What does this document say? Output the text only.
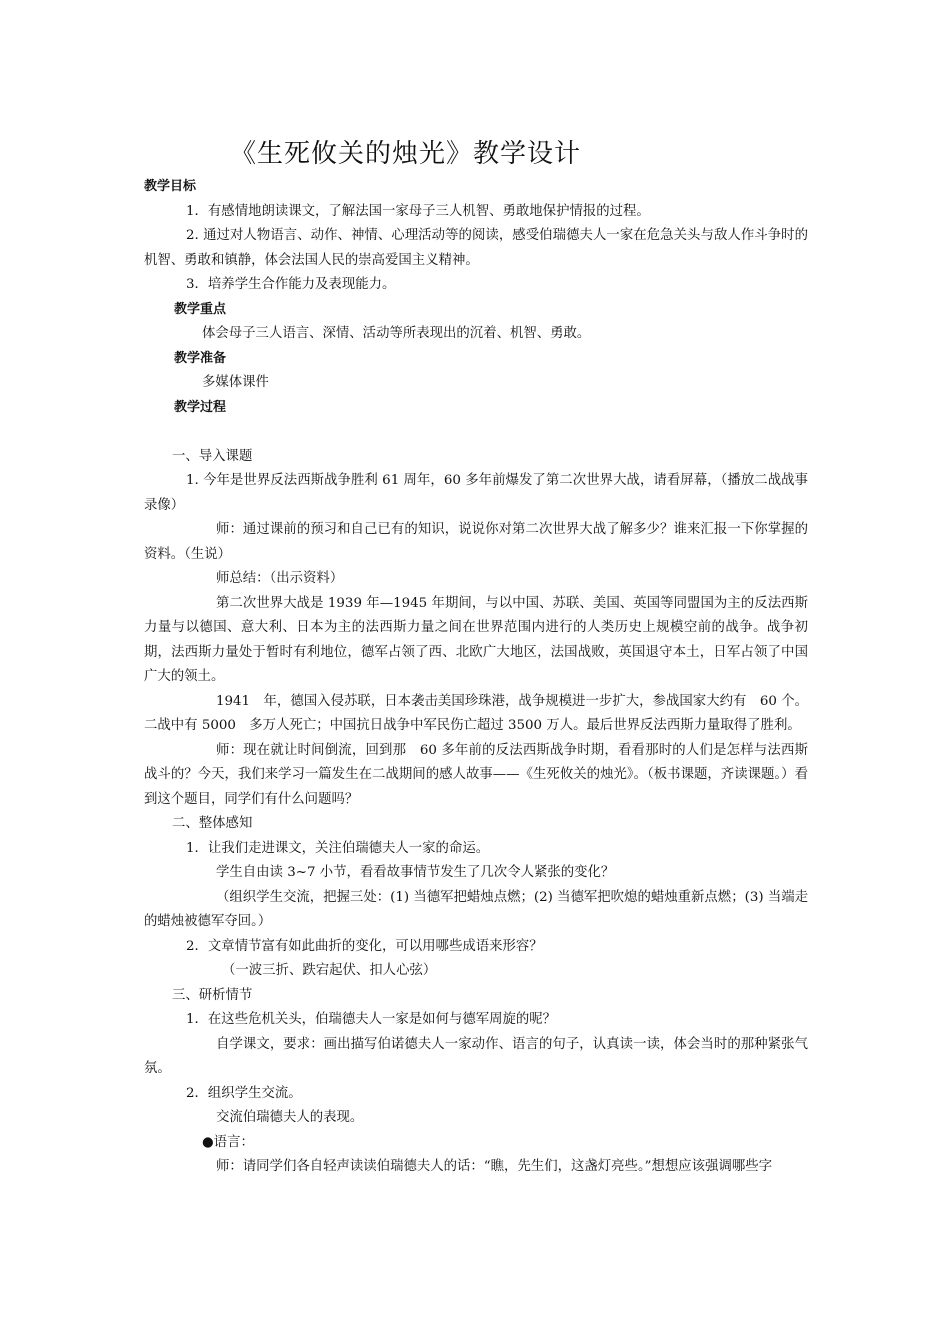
《生死攸关的烛光》教学设计
教学目标
1．有感情地朗读课文，了解法国一家母子三人机智、勇敢地保护情报的过程。
2. 通过对人物语言、动作、神情、心理活动等的阅读，感受伯瑞德夫人一家在危急关头与敌人作斗争时的机智、勇敢和镇静，体会法国人民的崇高爱国主义精神。
3．培养学生合作能力及表现能力。
教学重点
体会母子三人语言、深情、活动等所表现出的沉着、机智、勇敢。
教学准备
多媒体课件
教学过程
一、导入课题
1. 今年是世界反法西斯战争胜利 61 周年，60 多年前爆发了第二次世界大战，请看屏幕，（播放二战战事录像）
师：通过课前的预习和自己已有的知识，说说你对第二次世界大战了解多少？谁来汇报一下你掌握的资料。（生说）
师总结：（出示资料）
第二次世界大战是 1939 年—1945 年期间，与以中国、苏联、美国、英国等同盟国为主的反法西斯力量与以德国、意大利、日本为主的法西斯力量之间在世界范围内进行的人类历史上规模空前的战争。战争初期，法西斯力量处于暂时有利地位，德军占领了西、北欧广大地区，法国战败，英国退守本土，日军占领了中国广大的领土。
1941　年，德国入侵苏联，日本袭击美国珍珠港，战争规模进一步扩大，参战国家大约有　60 个。二战中有 5000　多万人死亡；中国抗日战争中军民伤亡超过 3500 万人。最后世界反法西斯力量取得了胜利。
师：现在就让时间倒流，回到那　60 多年前的反法西斯战争时期，看看那时的人们是怎样与法西斯战斗的？今天，我们来学习一篇发生在二战期间的感人故事——《生死攸关的烛光》。（板书课题，齐读课题。）看到这个题目，同学们有什么问题吗？
二、整体感知
1．让我们走进课文，关注伯瑞德夫人一家的命运。
学生自由读 3~7 小节，看看故事情节发生了几次令人紧张的变化？
（组织学生交流，把握三处：(1) 当德军把蜡烛点燃；(2) 当德军把吹熄的蜡烛重新点燃；(3) 当端走的蜡烛被德军夺回。）
2．文章情节富有如此曲折的变化，可以用哪些成语来形容？
（一波三折、跌宕起伏、扣人心弦）
三、研析情节
1．在这些危机关头，伯瑞德夫人一家是如何与德军周旋的呢？
自学课文，要求：画出描写伯诺德夫人一家动作、语言的句子，认真读一读，体会当时的那种紧张气氛。
2．组织学生交流。
交流伯瑞德夫人的表现。
●语言：
师：请同学们各自轻声读读伯瑞德夫人的话：“瞧，先生们，这盏灯亮些。”想想应该强调哪些字
